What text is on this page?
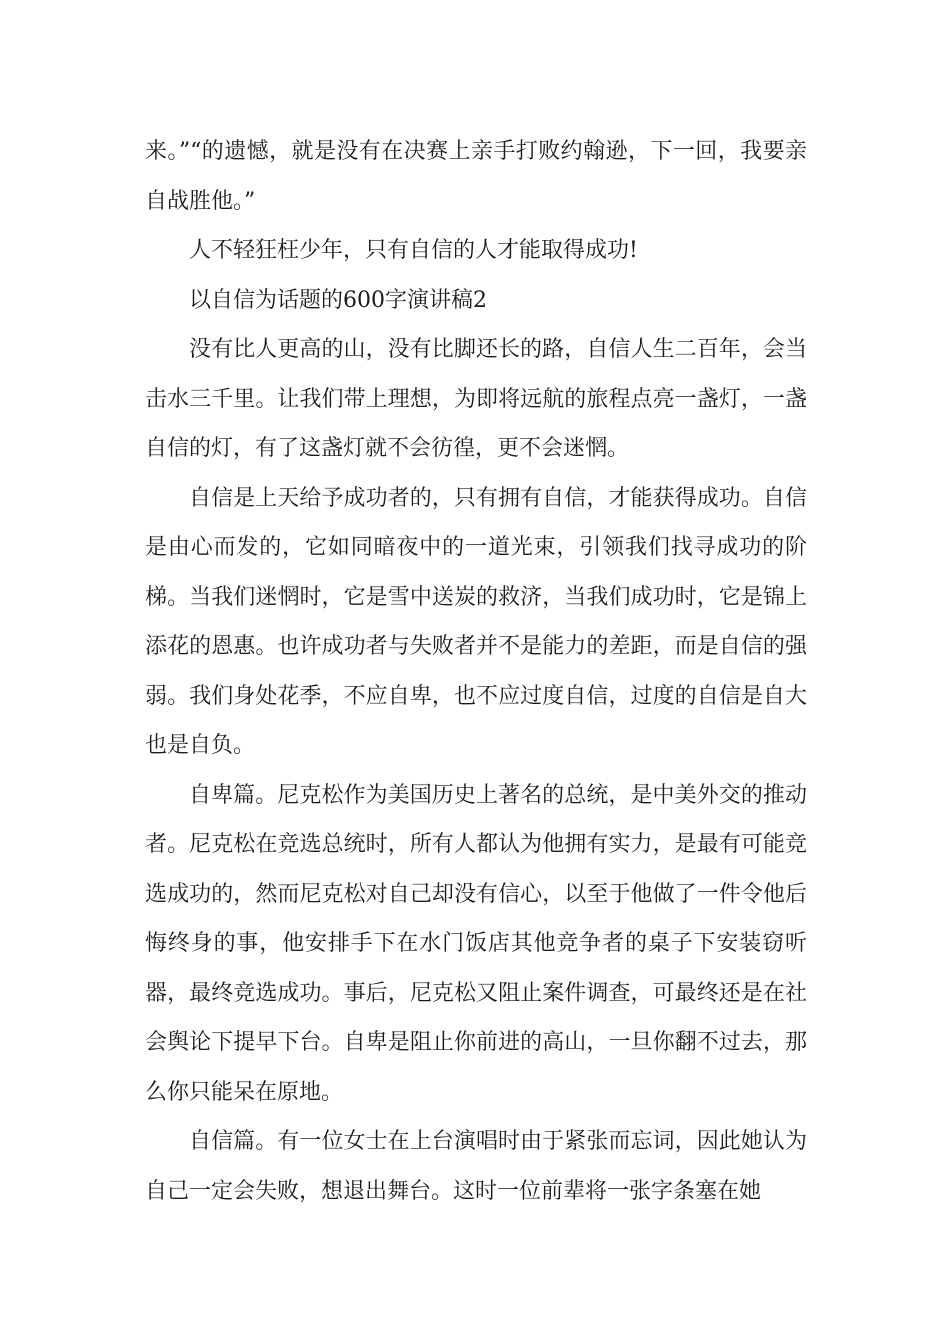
来。”“的遗憾，就是没有在决赛上亲手打败约翰逊，下一回，我要亲自战胜他。”

人不轻狂枉少年，只有自信的人才能取得成功!

以自信为话题的600字演讲稿2

没有比人更高的山，没有比脚还长的路，自信人生二百年，会当击水三千里。让我们带上理想，为即将远航的旅程点亮一盏灯，一盏自信的灯，有了这盏灯就不会彷徨，更不会迷惘。

自信是上天给予成功者的，只有拥有自信，才能获得成功。自信是由心而发的，它如同暗夜中的一道光束，引领我们找寻成功的阶梯。当我们迷惘时，它是雪中送炭的救济，当我们成功时，它是锦上添花的恩惠。也许成功者与失败者并不是能力的差距，而是自信的强弱。我们身处花季，不应自卑，也不应过度自信，过度的自信是自大也是自负。

自卑篇。尼克松作为美国历史上著名的总统，是中美外交的推动者。尼克松在竞选总统时，所有人都认为他拥有实力，是最有可能竞选成功的，然而尼克松对自己却没有信心，以至于他做了一件令他后悔终身的事，他安排手下在水门饭店其他竞争者的桌子下安装窃听器，最终竞选成功。事后，尼克松又阻止案件调查，可最终还是在社会舆论下提早下台。自卑是阻止你前进的高山，一旦你翻不过去，那么你只能呆在原地。

自信篇。有一位女士在上台演唱时由于紧张而忘词，因此她认为自己一定会失败，想退出舞台。这时一位前辈将一张字条塞在她
